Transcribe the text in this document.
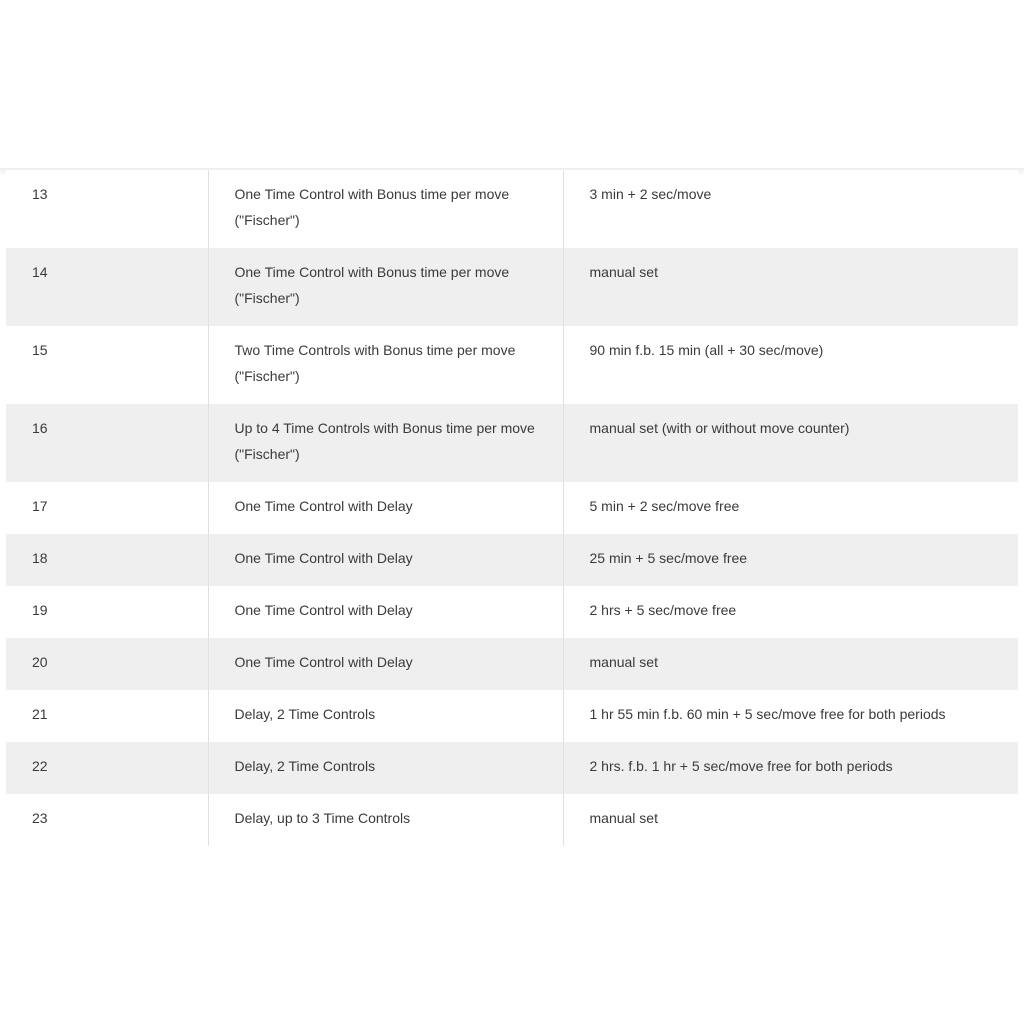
13	One Time Control with Bonus time per move ("Fischer")	3 min + 2 sec/move

14	One Time Control with Bonus time per move ("Fischer")	manual set

15	Two Time Controls with Bonus time per move ("Fischer")	90 min f.b. 15 min (all + 30 sec/move)

16	Up to 4 Time Controls with Bonus time per move ("Fischer")	manual set (with or without move counter)

17	One Time Control with Delay	5 min + 2 sec/move free

18	One Time Control with Delay	25 min + 5 sec/move free

19	One Time Control with Delay	2 hrs + 5 sec/move free

20	One Time Control with Delay	manual set

21	Delay, 2 Time Controls	1 hr 55 min f.b. 60 min + 5 sec/move free for both periods

22	Delay, 2 Time Controls	2 hrs. f.b. 1 hr + 5 sec/move free for both periods

23	Delay, up to 3 Time Controls	manual set
